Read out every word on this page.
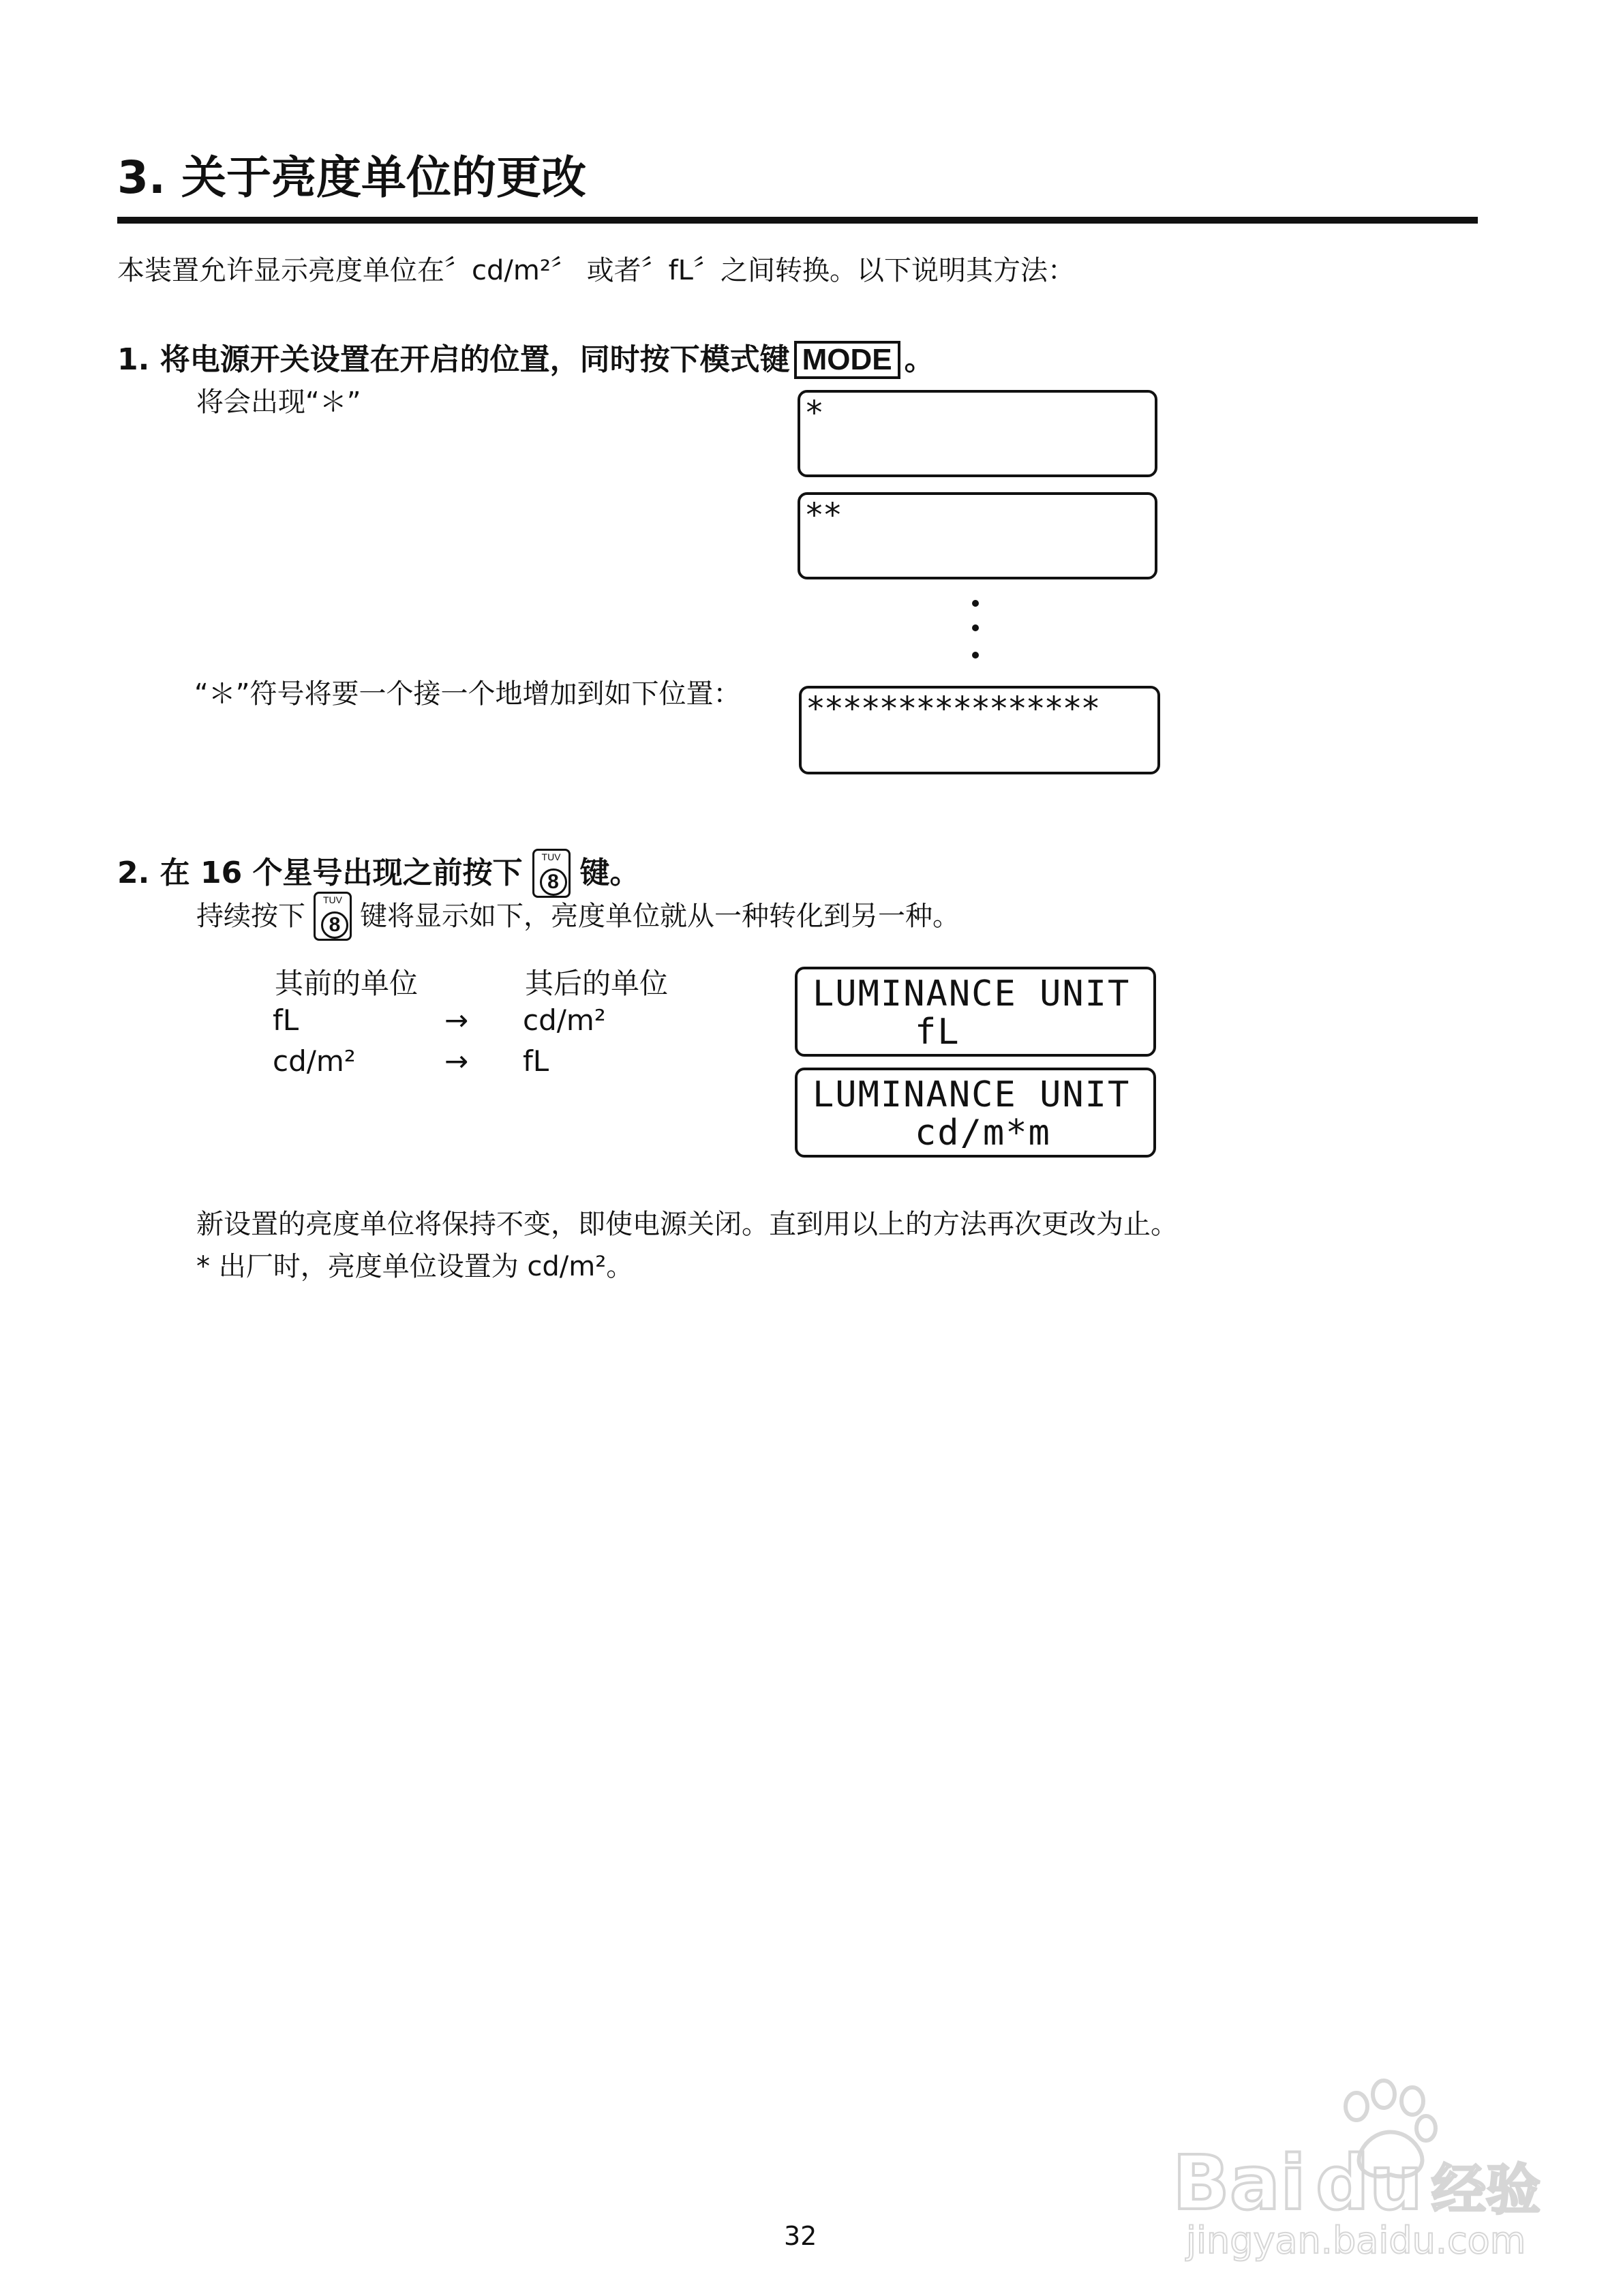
3. 关于亮度单位的更改
本装置允许显示亮度单位在〞cd/m²〞 或者〞fL〞之间转换。以下说明其方法：
1. 将电源开关设置在开启的位置，同时按下模式键 MODE 。
将会出现“＊”	*
**
“＊”符号将要一个接一个地增加到如下位置： ****************
2. 在 16 个星号出现之前按下	TUV
8 键。
持续按下
TUV
8 键将显示如下，亮度单位就从一种转化到另一种。
其前的单位	其后的单位
fL	→ cd/m²
cd/m²	→ fL
LUMINANCE UNIT
fL
LUMINANCE UNIT
cd/m*m
新设置的亮度单位将保持不变，即使电源关闭。直到用以上的方法再次更改为止。
* 出厂时，亮度单位设置为 cd/m²。
32
Bai du 经验
jingyan.baidu.com
